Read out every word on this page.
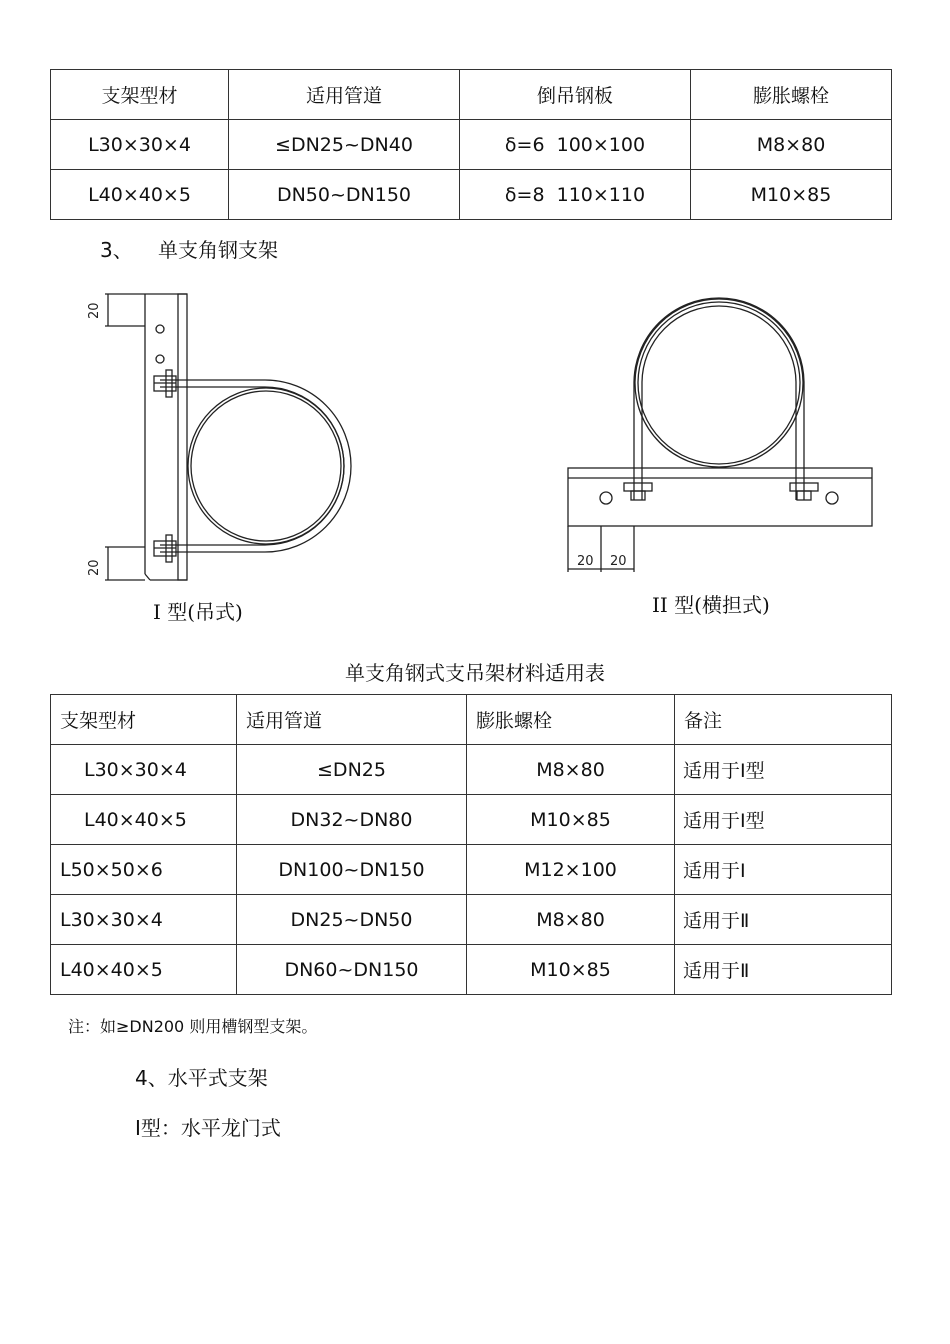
支架型材	适用管道	倒吊钢板	膨胀螺栓
L30×30×4	≤DN25~DN40	δ=6  100×100	M8×80
L40×40×5	DN50~DN150	δ=8  110×110	M10×85
3、 单支角钢支架
20
20
I 型(吊式)
20 20
II 型(横担式)
单支角钢式支吊架材料适用表
支架型材	适用管道	膨胀螺栓	备注
L30×30×4	≤DN25	M8×80	适用于Ⅰ型
L40×40×5	DN32~DN80	M10×85	适用于Ⅰ型
L50×50×6	DN100~DN150	M12×100	适用于Ⅰ
L30×30×4	DN25~DN50	M8×80	适用于Ⅱ
L40×40×5	DN60~DN150	M10×85	适用于Ⅱ
注：如≥DN200 则用槽钢型支架。
4、水平式支架
Ⅰ型：水平龙门式
